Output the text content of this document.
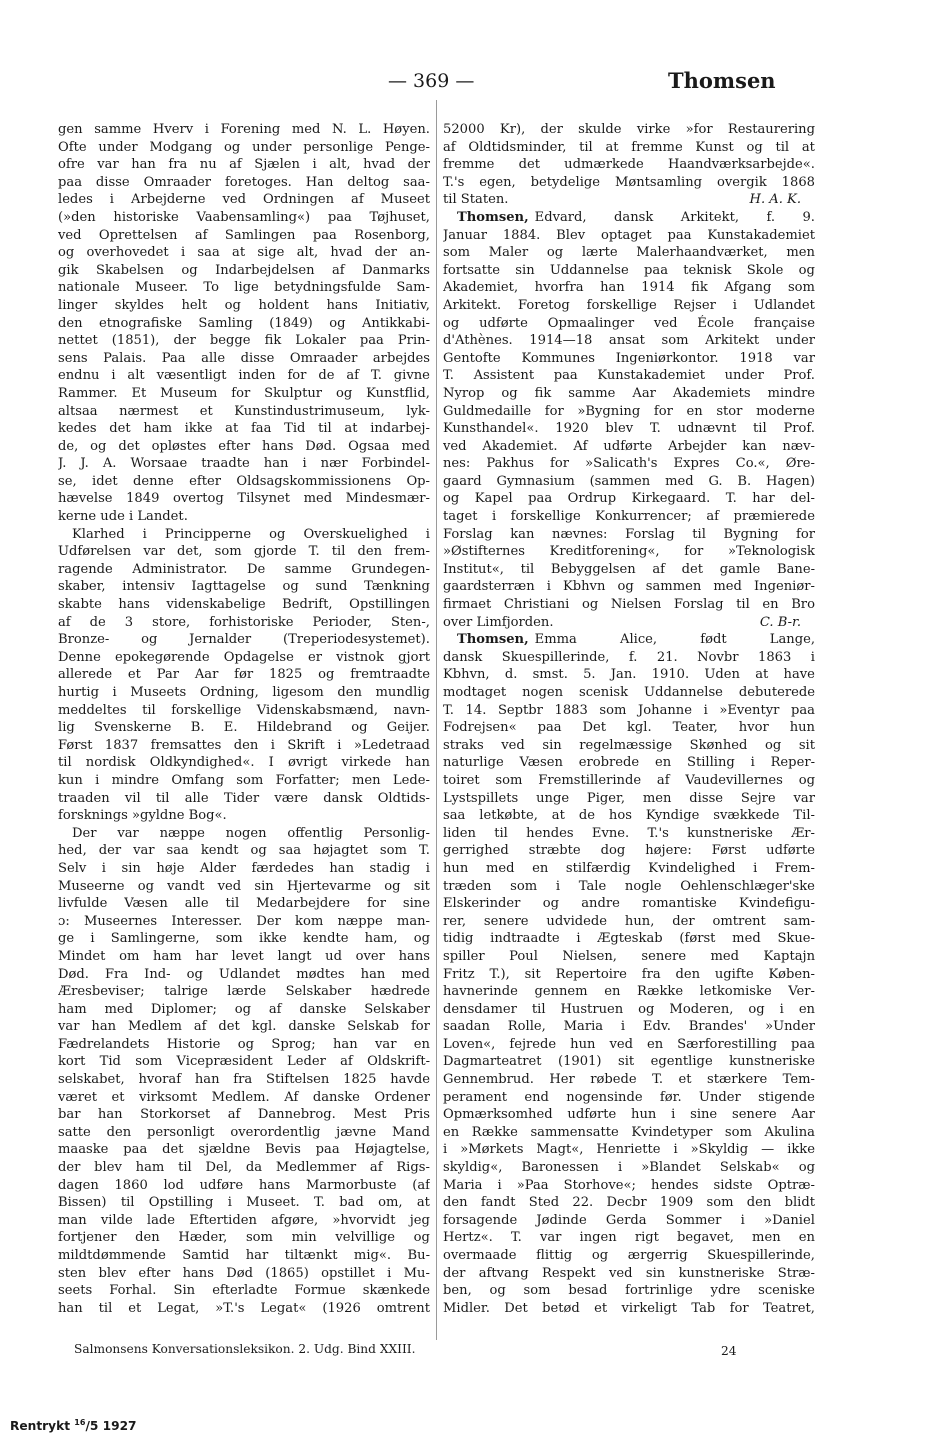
— 369 —	Thomsen
gen samme Hverv i Forening med N. L. Høyen.
Ofte under Modgang og under personlige Penge-
ofre var han fra nu af Sjælen i alt, hvad der
paa disse Omraader foretoges. Han deltog saa-
ledes i Arbejderne ved Ordningen af Museet
(»den historiske Vaabensamling«) paa Tøjhuset,
ved Oprettelsen af Samlingen paa Rosenborg,
og overhovedet i saa at sige alt, hvad der an-
gik Skabelsen og Indarbejdelsen af Danmarks
nationale Museer. To lige betydningsfulde Sam-
linger skyldes helt og holdent hans Initiativ,
den etnografiske Samling (1849) og Antikkabi-
nettet (1851), der begge fik Lokaler paa Prin-
sens Palais. Paa alle disse Omraader arbejdes
endnu i alt væsentligt inden for de af T. givne
Rammer. Et Museum for Skulptur og Kunstflid,
altsaa nærmest et Kunstindustrimuseum, lyk-
kedes det ham ikke at faa Tid til at indarbej-
de, og det opløstes efter hans Død. Ogsaa med
J. J. A. Worsaae traadte han i nær Forbindel-
se, idet denne efter Oldsagskommissionens Op-
hævelse 1849 overtog Tilsynet med Mindesmær-
kerne ude i Landet.
Klarhed i Principperne og Overskuelighed i
Udførelsen var det, som gjorde T. til den frem-
ragende Administrator. De samme Grundegen-
skaber, intensiv Iagttagelse og sund Tænkning
skabte hans videnskabelige Bedrift, Opstillingen
af de 3 store, forhistoriske Perioder, Sten-,
Bronze- og Jernalder (Treperiodesystemet).
Denne epokegørende Opdagelse er vistnok gjort
allerede et Par Aar før 1825 og fremtraadte
hurtig i Museets Ordning, ligesom den mundlig
meddeltes til forskellige Videnskabsmænd, navn-
lig Svenskerne B. E. Hildebrand og Geijer.
Først 1837 fremsattes den i Skrift i »Ledetraad
til nordisk Oldkyndighed«. I øvrigt virkede han
kun i mindre Omfang som Forfatter; men Lede-
traaden vil til alle Tider være dansk Oldtids-
forsknings »gyldne Bog«.
Der var næppe nogen offentlig Personlig-
hed, der var saa kendt og saa højagtet som T.
Selv i sin høje Alder færdedes han stadig i
Museerne og vandt ved sin Hjertevarme og sit
livfulde Væsen alle til Medarbejdere for sine
ɔ: Museernes Interesser. Der kom næppe man-
ge i Samlingerne, som ikke kendte ham, og
Mindet om ham har levet langt ud over hans
Død. Fra Ind- og Udlandet mødtes han med
Æresbeviser; talrige lærde Selskaber hædrede
ham med Diplomer; og af danske Selskaber
var han Medlem af det kgl. danske Selskab for
Fædrelandets Historie og Sprog; han var en
kort Tid som Vicepræsident Leder af Oldskrift-
selskabet, hvoraf han fra Stiftelsen 1825 havde
været et virksomt Medlem. Af danske Ordener
bar han Storkorset af Dannebrog. Mest Pris
satte den personligt overordentlig jævne Mand
maaske paa det sjældne Bevis paa Højagtelse,
der blev ham til Del, da Medlemmer af Rigs-
dagen 1860 lod udføre hans Marmorbuste (af
Bissen) til Opstilling i Museet. T. bad om, at
man vilde lade Eftertiden afgøre, »hvorvidt jeg
fortjener den Hæder, som min velvillige og
mildtdømmende Samtid har tiltænkt mig«. Bu-
sten blev efter hans Død (1865) opstillet i Mu-
seets Forhal. Sin efterladte Formue skænkede
han til et Legat, »T.'s Legat« (1926 omtrent
52000 Kr), der skulde virke »for Restaurering
af Oldtidsminder, til at fremme Kunst og til at
fremme det udmærkede Haandværksarbejde«.
T.'s egen, betydelige Møntsamling overgik 1868
til Staten.	H. A. K.
Thomsen, Edvard, dansk Arkitekt, f. 9.
Januar 1884. Blev optaget paa Kunstakademiet
som Maler og lærte Malerhaandværket, men
fortsatte sin Uddannelse paa teknisk Skole og
Akademiet, hvorfra han 1914 fik Afgang som
Arkitekt. Foretog forskellige Rejser i Udlandet
og udførte Opmaalinger ved École française
d'Athènes. 1914—18 ansat som Arkitekt under
Gentofte Kommunes Ingeniørkontor. 1918 var
T. Assistent paa Kunstakademiet under Prof.
Nyrop og fik samme Aar Akademiets mindre
Guldmedaille for »Bygning for en stor moderne
Kunsthandel«. 1920 blev T. udnævnt til Prof.
ved Akademiet. Af udførte Arbejder kan næv-
nes: Pakhus for »Salicath's Expres Co.«, Øre-
gaard Gymnasium (sammen med G. B. Hagen)
og Kapel paa Ordrup Kirkegaard. T. har del-
taget i forskellige Konkurrencer; af præmierede
Forslag kan nævnes: Forslag til Bygning for
»Østifternes Kreditforening«, for »Teknologisk
Institut«, til Bebyggelsen af det gamle Bane-
gaardsterræn i Kbhvn og sammen med Ingeniør-
firmaet Christiani og Nielsen Forslag til en Bro
over Limfjorden.	C. B-r.
Thomsen, Emma	Alice,	født	Lange,
dansk Skuespillerinde, f. 21. Novbr 1863 i
Kbhvn, d. smst. 5. Jan. 1910. Uden at have
modtaget nogen scenisk Uddannelse debuterede
T. 14. Septbr 1883 som Johanne i »Eventyr paa
Fodrejsen« paa Det kgl. Teater, hvor hun
straks ved sin regelmæssige Skønhed og sit
naturlige Væsen erobrede en Stilling i Reper-
toiret som Fremstillerinde af Vaudevillernes og
Lystspillets unge Piger, men disse Sejre var
saa letkøbte, at de hos Kyndige svækkede Til-
liden til hendes Evne. T.'s kunstneriske Ær-
gerrighed stræbte dog højere: Først udførte
hun med en stilfærdig Kvindelighed i Frem-
træden som i Tale nogle Oehlenschlæger'ske
Elskerinder og andre romantiske Kvindefigu-
rer, senere udvidede hun, der omtrent sam-
tidig indtraadte i Ægteskab (først med Skue-
spiller Poul Nielsen, senere med Kaptajn
Fritz T.), sit Repertoire fra den ugifte Køben-
havnerinde gennem en Række letkomiske Ver-
densdamer til Hustruen og Moderen, og i en
saadan Rolle, Maria i Edv. Brandes' »Under
Loven«, fejrede hun ved en Særforestilling paa
Dagmarteatret (1901) sit egentlige kunstneriske
Gennembrud. Her røbede T. et stærkere Tem-
perament end nogensinde før. Under stigende
Opmærksomhed udførte hun i sine senere Aar
en Række sammensatte Kvindetyper som Akulina
i »Mørkets Magt«, Henriette i »Skyldig — ikke
skyldig«, Baronessen i »Blandet Selskab« og
Maria i »Paa Storhove«; hendes sidste Optræ-
den fandt Sted 22. Decbr 1909 som den blidt
forsagende Jødinde Gerda Sommer i »Daniel
Hertz«. T. var ingen rigt begavet, men en
overmaade flittig og ærgerrig Skuespillerinde,
der aftvang Respekt ved sin kunstneriske Stræ-
ben, og som besad fortrinlige ydre sceniske
Midler. Det betød et virkeligt Tab for Teatret,
Salmonsens Konversationsleksikon. 2. Udg. Bind XXIII.	24
Rentrykt $^{16}$/5 1927
